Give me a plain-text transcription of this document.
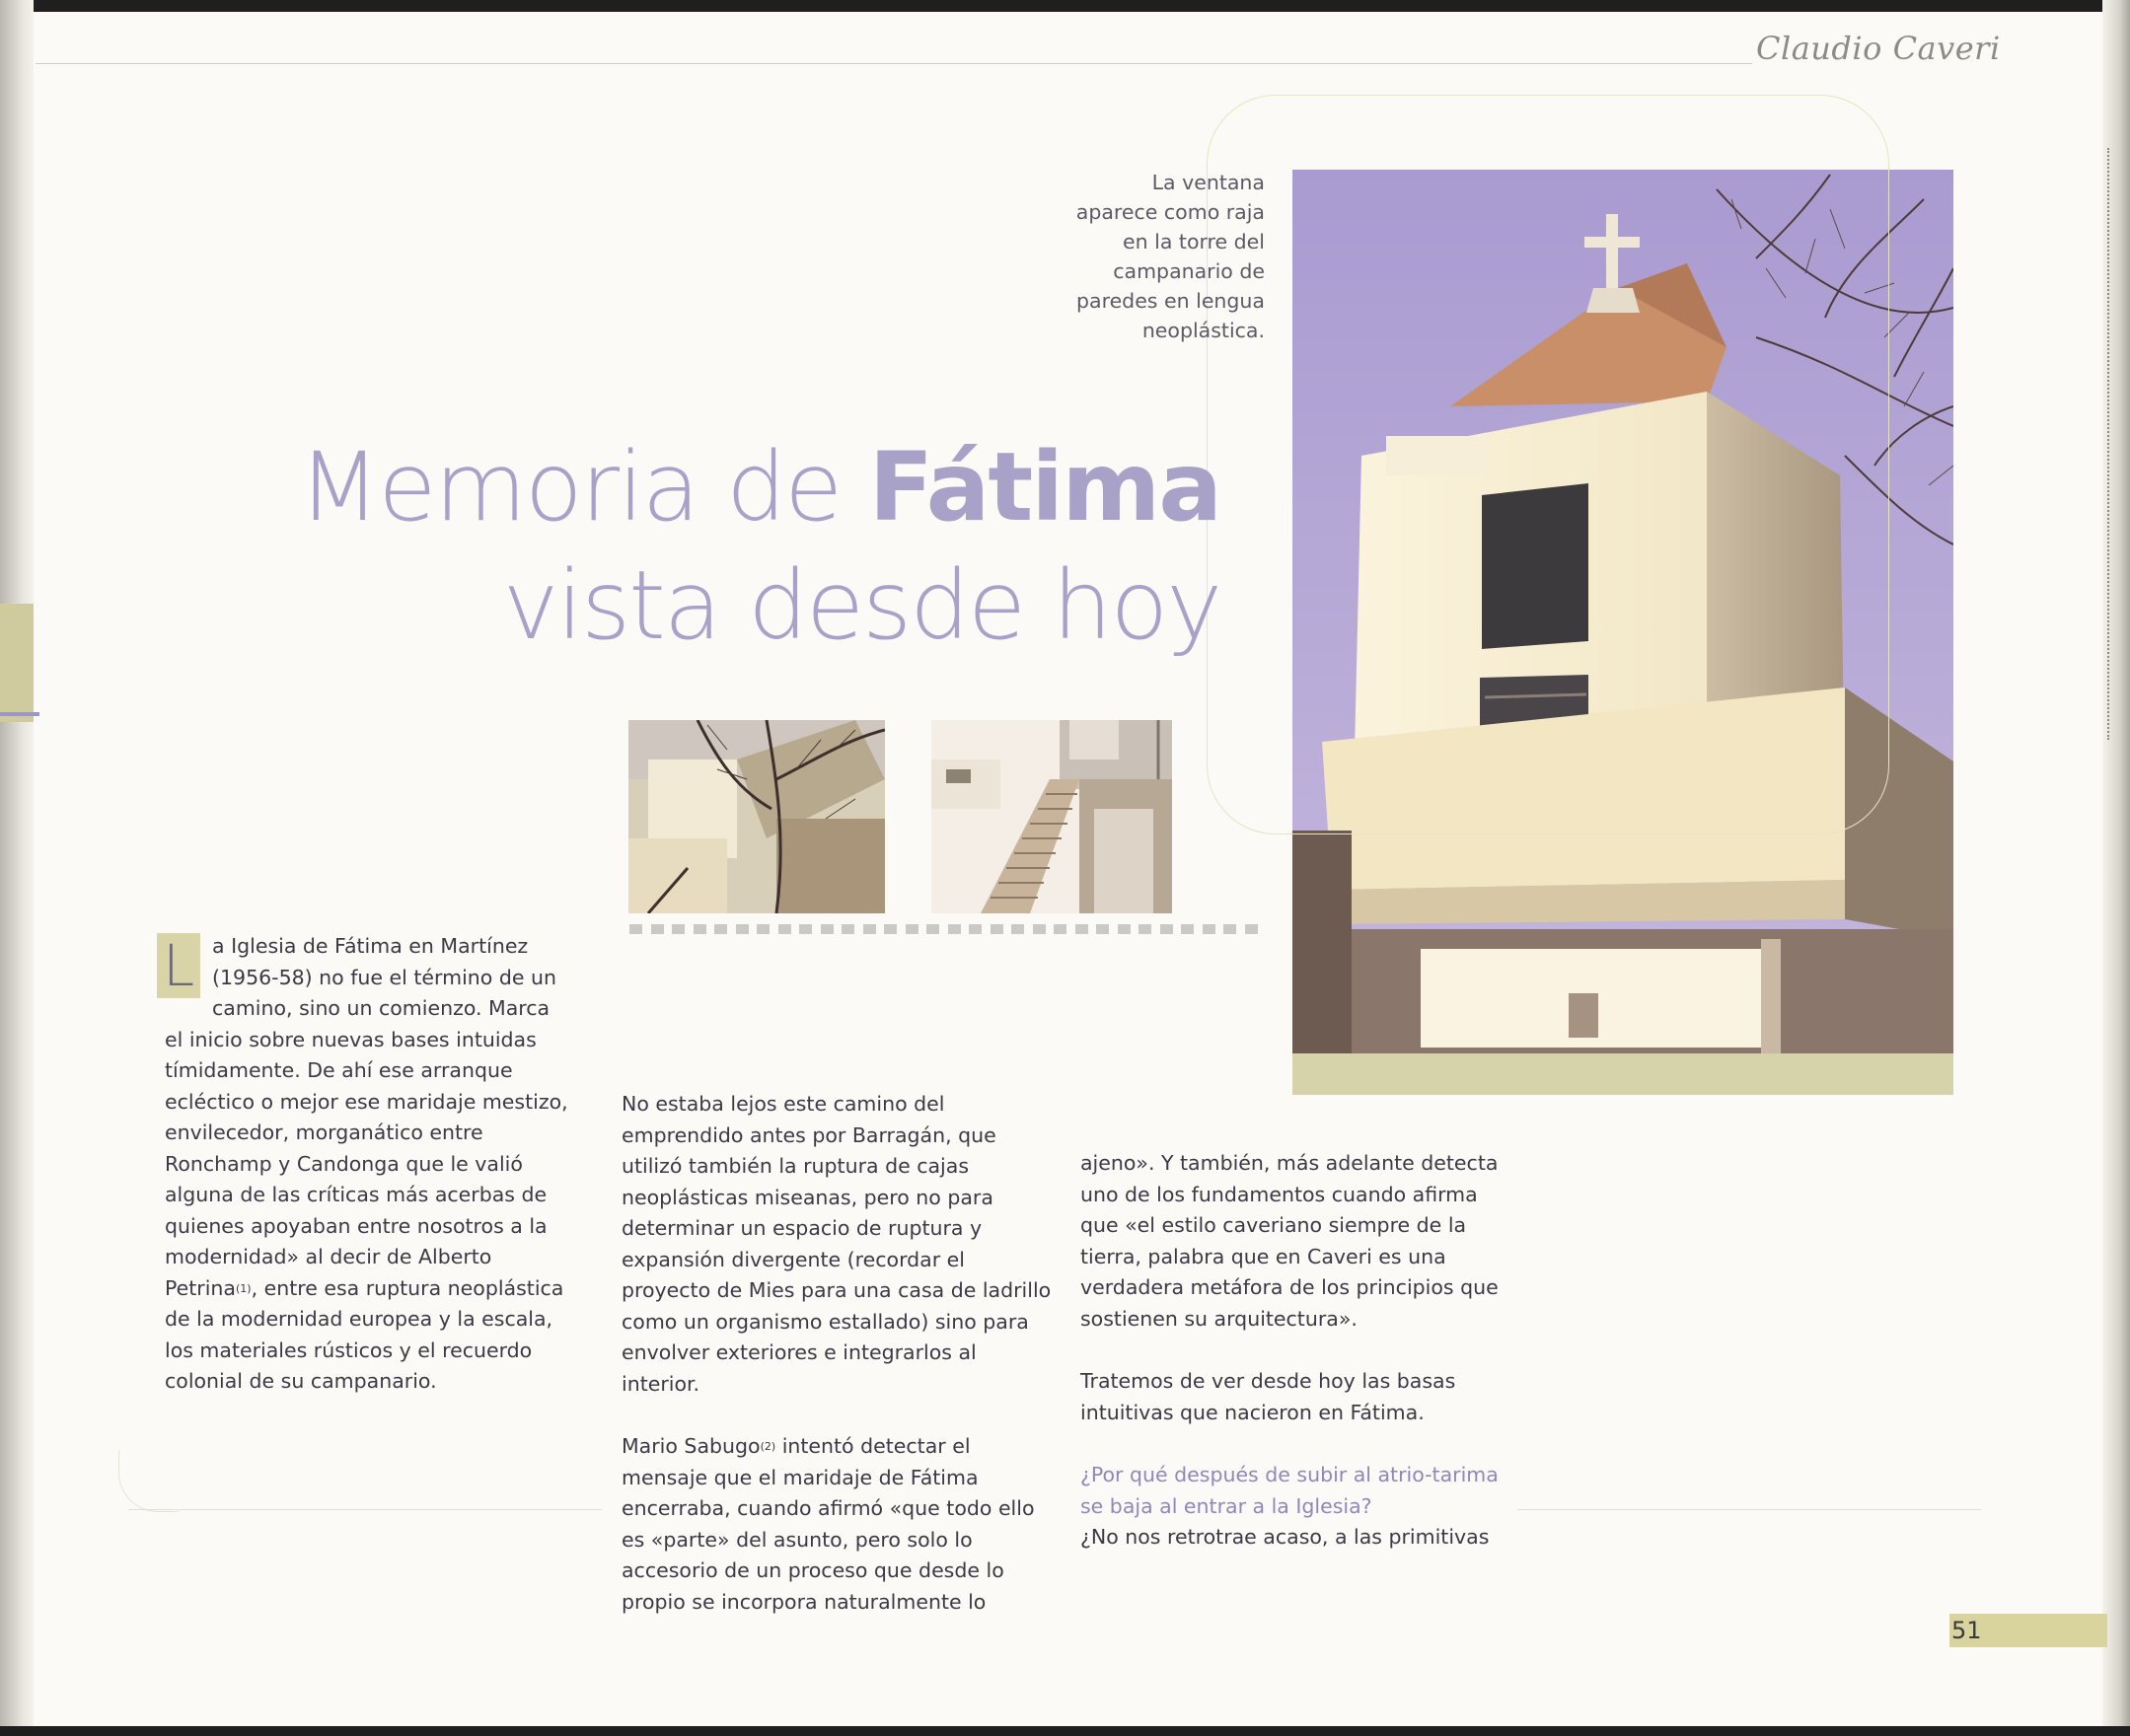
Claudio Caveri
La ventana aparece como raja en la torre del campanario de paredes en lengua neoplástica.
Memoria de Fátima
vista desde hoy
L a Iglesia de Fátima en Martínez (1956-58) no fue el término de un camino, sino un comienzo. Marca el inicio sobre nuevas bases intuidas tímidamente. De ahí ese arranque ecléctico o mejor ese maridaje mestizo, envilecedor, morganático entre Ronchamp y Candonga que le valió alguna de las críticas más acerbas de quienes apoyaban entre nosotros a la modernidad» al decir de Alberto Petrina$^{(1)}$, entre esa ruptura neoplástica de la modernidad europea y la escala, los materiales rústicos y el recuerdo colonial de su campanario.

No estaba lejos este camino del emprendido antes por Barragán, que utilizó también la ruptura de cajas neoplásticas miseanas, pero no para determinar un espacio de ruptura y expansión divergente (recordar el proyecto de Mies para una casa de ladrillo como un organismo estallado) sino para envolver exteriores e integrarlos al interior.

Mario Sabugo$^{(2)}$ intentó detectar el mensaje que el maridaje de Fátima encerraba, cuando afirmó «que todo ello es «parte» del asunto, pero solo lo accesorio de un proceso que desde lo propio se incorpora naturalmente lo

ajeno». Y también, más adelante detecta uno de los fundamentos cuando afirma que «el estilo caveriano siempre de la tierra, palabra que en Caveri es una verdadera metáfora de los principios que sostienen su arquitectura».

Tratemos de ver desde hoy las basas intuitivas que nacieron en Fátima.

¿Por qué después de subir al atrio-tarima se baja al entrar a la Iglesia?

¿No nos retrotrae acaso, a las primitivas

51
